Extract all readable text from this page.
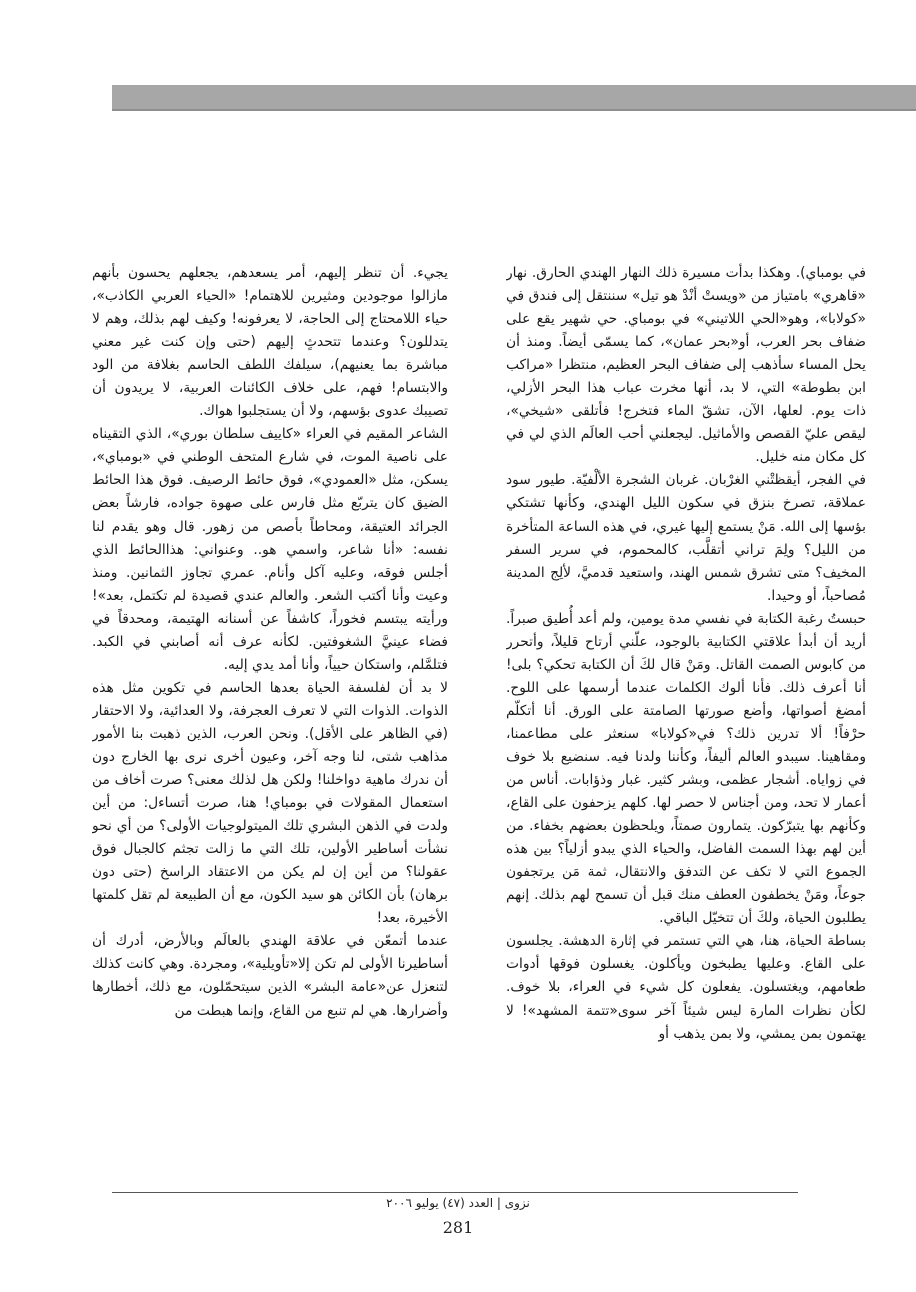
في بومباي). وهكذا بدأت مسيرة ذلك النهار الهندي الحارق. نهار «قاهري» بامتياز من «ويستْ أنْدْ هو تيل» سننتقل إلى فندق في «كولابا»، وهو«الحي اللاتيني» في بومباي. حي شهير يقع على ضفاف بحر العرب، أو«بحر عمان»، كما يسمّى أيضاً. ومنذ أن يحل المساء سأذهب إلى ضفاف البحر العظيم، منتظرا «مراكب ابن بطوطة» التي، لا بد، أنها مخرت عباب هذا البحر الأزلي، ذات يوم. لعلها، الآن، تشقّ الماء فتخرج! فأتلقى «شيخي»، ليقص عليّ القصص والأماثيل. ليجعلني أحب العالَم الذي لي في كل مكان منه خليل.

في الفجر، أيقظتْني الغرْبان. غربان الشجرة الألْفيّة. طيور سود عملاقة، تصرخ بنزق في سكون الليل الهندي، وكأنها تشتكي بؤسها إلى الله. مَنْ يستمع إليها غيري، في هذه الساعة المتأخرة من الليل؟ ولِمَ تراني أتقلَّب، كالمحموم، في سرير السفر المخيف؟ متى تشرق شمس الهند، واستعيد قدميَّ، لألِج المدينة مُصاحباً، أو وحيدا.

حبستُ رغبة الكتابة في نفسي مدة يومين، ولم أعد أُطيق صبراً. أريد أن أبدأ علاقتي الكتابية بالوجود، علّني أرتاح قليلاً، وأتحرر من كابوس الصمت القاتل. ومَنْ قال لكَ أن الكتابة تحكي؟ بلى! أنا أعرف ذلك. فأنا ألوك الكلمات عندما أرسمها على اللوح. أمضغ أصواتها، وأضع صورتها الصامتة على الورق. أنا أتكلّم حرْفاً! ألا تدرين ذلك؟ في«كولابا» سنعثر على مطاعمنا، ومقاهينا. سيبدو العالم أليفاً، وكأننا ولدنا فيه. سنضيع بلا خوف في زواياه. أشجار عظمى، وبشر كثير. غبار وذؤابات. أناس من أعمار لا تحد، ومن أجناس لا حصر لها. كلهم يزحفون على القاع، وكأنهم بها يتبرّكون. يتمارون صمتاً، ويلحظون بعضهم بخفاء. من أين لهم بهذا السمت الفاضل، والحياء الذي يبدو أزلياً؟ بين هذه الجموع التي لا تكف عن التدفق والانتقال، ثمة مَن يرتجفون جوعاً، ومَنْ يخطفون العطف منك قبل أن تسمح لهم بذلك. إنهم يطلبون الحياة، ولكَ أن تتخيّل الباقي.

بساطة الحياة، هنا، هي التي تستمر في إثارة الدهشة. يجلسون على القاع. وعليها يطبخون ويأكلون. يغسلون فوقها أدوات طعامهم، ويغتسلون. يفعلون كل شيء في العراء، بلا خوف. لكأن نظرات المارة ليس شيئاً آخر سوى«تتمة المشهد»! لا يهتمون بمن يمشي، ولا بمن يذهب أو

يجيء. أن تنظر إليهم، أمر يسعدهم، يجعلهم يحسون بأنهم مازالوا موجودين ومثيرين للاهتمام! «الحياء العربي الكاذب»، حياء اللامحتاج إلى الحاجة، لا يعرفونه! وكيف لهم بذلك، وهم لا يتدللون؟ وعندما تتحدثٍ إليهم (حتى وإن كنت غير معني مباشرة بما يعنيهم)، سيلفك اللطف الحاسم بغلافة من الود والابتسام! فهم، على خلاف الكائنات العربية، لا يريدون أن تصيبك عدوى بؤسهم، ولا أن يستجلبوا هواك.

الشاعر المقيم في العراء «كاييف سلطان بوري»، الذي التقيناه على ناصية الموت، في شارع المتحف الوطني في «بومباي»، يسكن، مثل «العمودي»، فوق حائط الرصيف. فوق هذا الحائط الضيق كان يتربّع مثل فارس على صهوة جواده، فارشاً بعض الجرائد العتيقة، ومحاطاً بأصص من زهور. قال وهو يقدم لنا نفسه: «أنا شاعر، واسمي هو.. وعنواني: هذاالحائط الذي أجلس فوقه، وعليه آكل وأنام. عمري تجاوز الثمانين. ومنذ وعيت وأنا أكتب الشعر. والعالم عندي قصيدة لم تكتمل، بعد»! ورأيته يبتسم فخوراً، كاشفاً عن أسنانه الهتيمة، ومحدقاً في فضاء عينيَّ الشغوفتين. لكأنه عرف أنه أصابني في الكبد. فتلمَّلم، واستكان حيياً، وأنا أمد يدي إليه.

لا بد أن لفلسفة الحياة بعدها الحاسم في تكوين مثل هذه الذوات. الذوات التي لا تعرف العجرفة، ولا العدائية، ولا الاحتقار (في الظاهر على الأقل). ونحن العرب، الذين ذهبت بنا الأمور مذاهب شتى، لنا وجه آخر، وعيون أخرى نرى بها الخارج دون أن ندرك ماهية دواخلنا! ولكن هل لذلك معنى؟ صرت أخاف من استعمال المقولات في بومباي! هنا، صرت أتساءل: من أين ولدت في الذهن البشري تلك الميتولوجيات الأولى؟ من أي نحو نشأت أساطير الأولين، تلك التي ما زالت تجثم كالجبال فوق عقولنا؟ من أين إن لم يكن من الاعتقاد الراسخ (حتى دون برهان) بأن الكائن هو سيد الكون، مع أن الطبيعة لم تقل كلمتها الأخيرة، بعد!

عندما أتمعّن في علاقة الهندي بالعالَم وبالأرض، أدرك أن أساطيرنا الأولى لم تكن إلا«تأويلية»، ومجردة. وهي كانت كذلك لتنعزل عن«عامة البشر» الذين سيتحمّلون، مع ذلك، أخطارها وأضرارها. هي لم تنبع من القاع، وإنما هبطت من

نزوى | العدد (٤٧) يوليو ٢٠٠٦
281
